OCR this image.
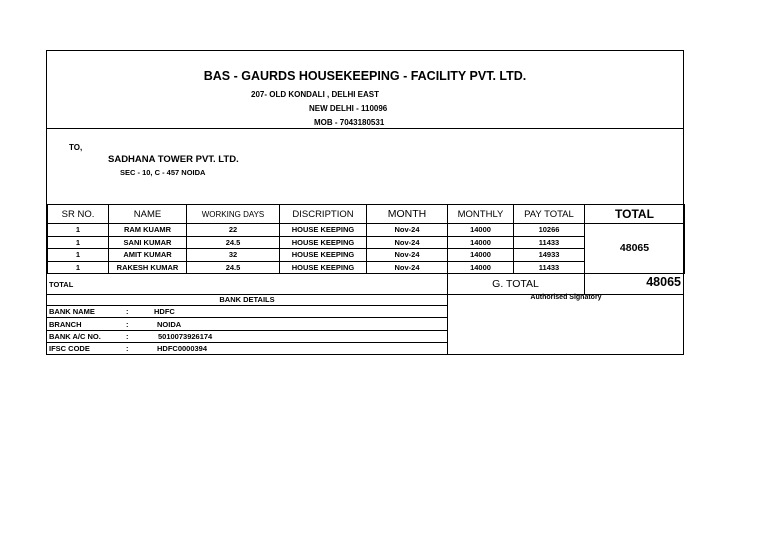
BAS - GAURDS HOUSEKEEPING - FACILITY PVT. LTD.
207- OLD KONDALI , DELHI EAST
NEW DELHI - 110096
MOB - 7043180531
TO,
SADHANA TOWER PVT. LTD.
SEC - 10, C - 457 NOIDA
SR NO.	NAME	WORKING DAYS	DISCRIPTION	MONTH	MONTHLY	PAY TOTAL	TOTAL
1	RAM KUAMR	22	HOUSE KEEPING	Nov-24	14000	10266	48065
1	SANI KUMAR	24.5	HOUSE KEEPING	Nov-24	14000	11433	
1	AMIT KUMAR	32	HOUSE KEEPING	Nov-24	14000	14933	
1	RAKESH KUMAR	24.5	HOUSE KEEPING	Nov-24	14000	11433	
TOTAL	G. TOTAL	48065
BANK DETAILS	Authorised Signatory
BANK NAME	:	HDFC
BRANCH	:	NOIDA
BANK A/C NO.	:	5010073926174
IFSC CODE	:	HDFC0000394
